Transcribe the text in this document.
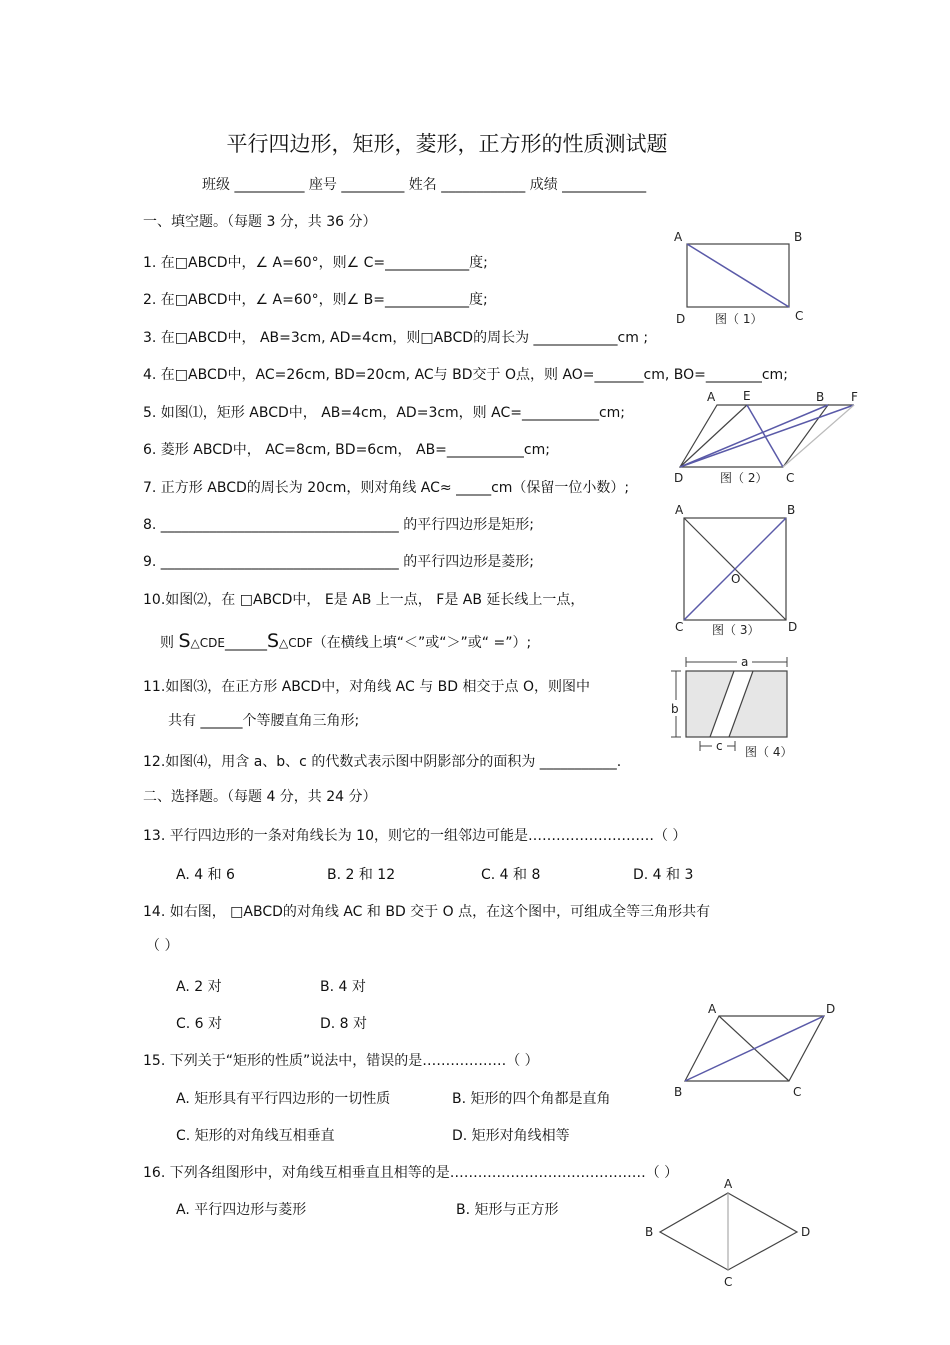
平行四边形，矩形，菱形，正方形的性质测试题
班级 __________ 座号 _________ 姓名 ____________ 成绩 ____________
一、填空题。（每题 3 分，共 36 分）
1. 在□ABCD中，∠ A=60°，则∠ C=____________度;
2. 在□ABCD中，∠ A=60°，则∠ B=____________度;
3. 在□ABCD中， AB=3cm, AD=4cm，则□ABCD的周长为 ____________cm ;
4. 在□ABCD中，AC=26cm, BD=20cm, AC与 BD交于 O点，则 AO=_______cm, BO=________cm;
5. 如图⑴，矩形 ABCD中， AB=4cm，AD=3cm，则 AC=___________cm;
6. 菱形 ABCD中， AC=8cm, BD=6cm， AB=___________cm;
7. 正方形 ABCD的周长为 20cm，则对角线 AC≈ _____cm（保留一位小数）;
8. __________________________________ 的平行四边形是矩形;
9. __________________________________ 的平行四边形是菱形;
10.如图⑵，在 □ABCD中， E是 AB 上一点， F是 AB 延长线上一点，
则 S△CDE______S△CDF（在横线上填“＜”或“＞”或“ =”）;
11.如图⑶，在正方形 ABCD中，对角线 AC 与 BD 相交于点 O，则图中
共有 ______个等腰直角三角形;
12.如图⑷，用含 a、b、c 的代数式表示图中阴影部分的面积为 ___________.
二、选择题。（每题 4 分，共 24 分）
13. 平行四边形的一条对角线长为 10，则它的一组邻边可能是………………………（ ）
A. 4 和 6	B. 2 和 12	C. 4 和 8	D. 4 和 3
14. 如右图， □ABCD的对角线 AC 和 BD 交于 O 点，在这个图中，可组成全等三角形共有
（ ）
A. 2 对	B. 4 对
C. 6 对	D. 8 对
15. 下列关于“矩形的性质”说法中，错误的是………………（ ）
A. 矩形具有平行四边形的一切性质	B. 矩形的四个角都是直角
C. 矩形的对角线互相垂直	D. 矩形对角线相等
16. 下列各组图形中，对角线互相垂直且相等的是……………………………………（ ）
A. 平行四边形与菱形	B. 矩形与正方形
A	B
D	C
图（ 1）
A E	B F
D	C
图（ 2）
A	B
C	D
O
图（ 3）
a
b
c 图（ 4）
A	D
B	C
A
B	D
C
